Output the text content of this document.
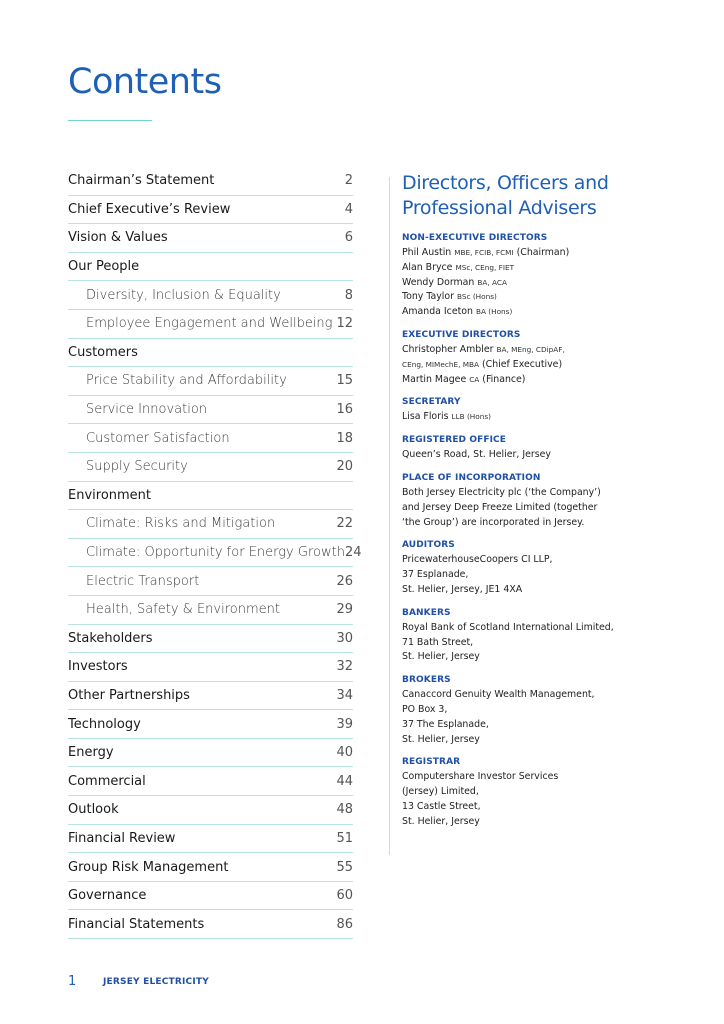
Contents
Chairman’s Statement	2
Chief Executive’s Review	4
Vision & Values	6
Our People
Diversity, Inclusion & Equality	8
Employee Engagement and Wellbeing 12
Customers
Price Stability and Affordability	15
Service Innovation	16
Customer Satisfaction	18
Supply Security	20
Environment
Climate: Risks and Mitigation	22
Climate: Opportunity for Energy Growth 24
Electric Transport	26
Health, Safety & Environment	29
Stakeholders	30
Investors	32
Other Partnerships	34
Technology	39
Energy	40
Commercial	44
Outlook	48
Financial Review	51
Group Risk Management	55
Governance	60
Financial Statements	86
Directors, Officers and
Professional Advisers
NON-EXECUTIVE DIRECTORS
Phil Austin MBE, FCIB, FCMI (Chairman)
Alan Bryce MSc, CEng, FIET
Wendy Dorman BA, ACA
Tony Taylor BSc (Hons)
Amanda Iceton BA (Hons)
EXECUTIVE DIRECTORS
Christopher Ambler BA, MEng, CDipAF,
CEng, MIMechE, MBA (Chief Executive)
Martin Magee CA (Finance)
SECRETARY
Lisa Floris LLB (Hons)
REGISTERED OFFICE
Queen’s Road, St. Helier, Jersey
PLACE OF INCORPORATION
Both Jersey Electricity plc (‘the Company’)
and Jersey Deep Freeze Limited (together
‘the Group’) are incorporated in Jersey.
AUDITORS
PricewaterhouseCoopers CI LLP,
37 Esplanade,
St. Helier, Jersey, JE1 4XA
BANKERS
Royal Bank of Scotland International Limited,
71 Bath Street,
St. Helier, Jersey
BROKERS
Canaccord Genuity Wealth Management,
PO Box 3,
37 The Esplanade,
St. Helier, Jersey
REGISTRAR
Computershare Investor Services
(Jersey) Limited,
13 Castle Street,
St. Helier, Jersey
1	JERSEY ELECTRICITY
